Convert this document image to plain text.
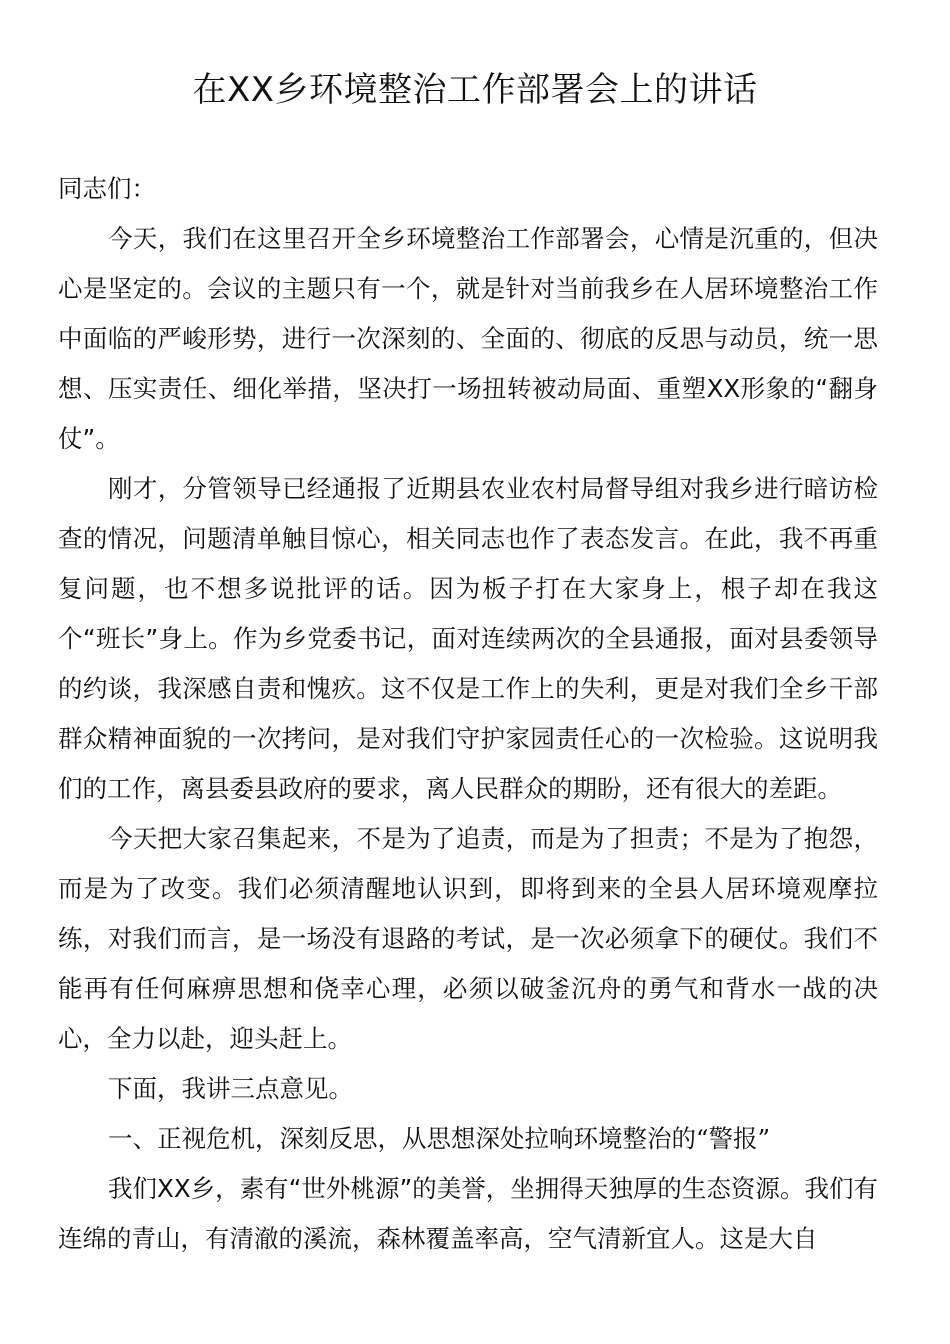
在XX乡环境整治工作部署会上的讲话

同志们：

今天，我们在这里召开全乡环境整治工作部署会，心情是沉重的，但决心是坚定的。会议的主题只有一个，就是针对当前我乡在人居环境整治工作中面临的严峻形势，进行一次深刻的、全面的、彻底的反思与动员，统一思想、压实责任、细化举措，坚决打一场扭转被动局面、重塑XX形象的“翻身仗”。

刚才，分管领导已经通报了近期县农业农村局督导组对我乡进行暗访检查的情况，问题清单触目惊心，相关同志也作了表态发言。在此，我不再重复问题，也不想多说批评的话。因为板子打在大家身上，根子却在我这个“班长”身上。作为乡党委书记，面对连续两次的全县通报，面对县委领导的约谈，我深感自责和愧疚。这不仅是工作上的失利，更是对我们全乡干部群众精神面貌的一次拷问，是对我们守护家园责任心的一次检验。这说明我们的工作，离县委县政府的要求，离人民群众的期盼，还有很大的差距。

今天把大家召集起来，不是为了追责，而是为了担责；不是为了抱怨，而是为了改变。我们必须清醒地认识到，即将到来的全县人居环境观摩拉练，对我们而言，是一场没有退路的考试，是一次必须拿下的硬仗。我们不能再有任何麻痹思想和侥幸心理，必须以破釜沉舟的勇气和背水一战的决心，全力以赴，迎头赶上。

下面，我讲三点意见。

一、正视危机，深刻反思，从思想深处拉响环境整治的“警报”

我们XX乡，素有“世外桃源”的美誉，坐拥得天独厚的生态资源。我们有连绵的青山，有清澈的溪流，森林覆盖率高，空气清新宜人。这是大自
